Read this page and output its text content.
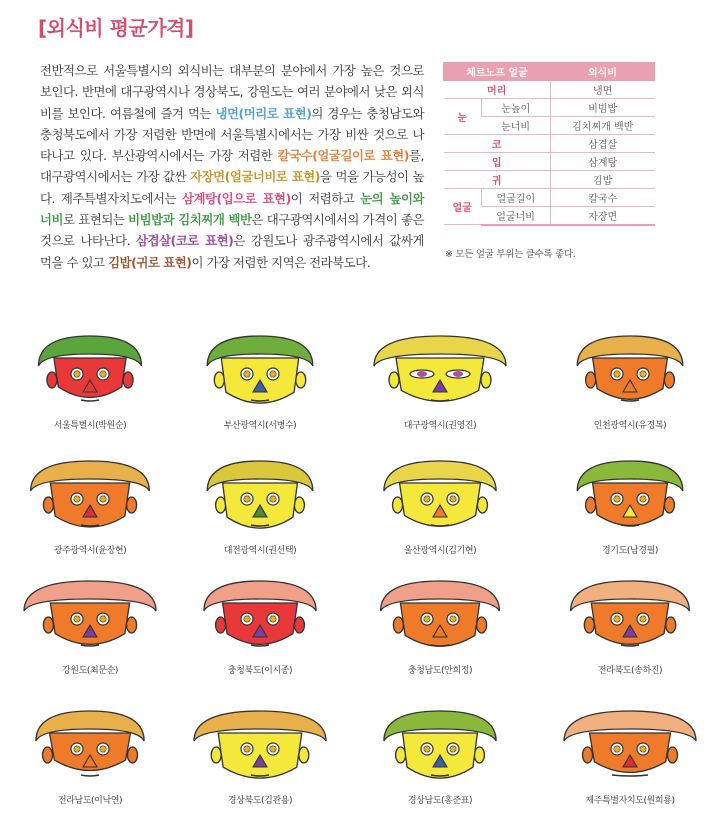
[외식비 평균가격]
전반적으로 서울특별시의 외식비는 대부분의 분야에서 가장 높은 것으로 보인다. 반면에 대구광역시나 경상북도, 강원도는 여러 분야에서 낮은 외식비를 보인다. 여름철에 즐겨 먹는 냉면(머리로 표현)의 경우는 충청남도와 충청북도에서 가장 저렴한 반면에 서울특별시에서는 가장 비싼 것으로 나타나고 있다. 부산광역시에서는 가장 저렴한 칼국수(얼굴길이로 표현)를, 대구광역시에서는 가장 값싼 자장면(얼굴너비로 표현)을 먹을 가능성이 높다. 제주특별자치도에서는 삼계탕(입으로 표현)이 저렴하고 눈의 높이와 너비로 표현되는 비빔밥과 김치찌개 백반은 대구광역시에서의 가격이 좋은 것으로 나타난다. 삼겹살(코로 표현)은 강원도나 광주광역시에서 값싸게 먹을 수 있고 김밥(귀로 표현)이 가장 저렴한 지역은 전라북도다.
체르노프 얼굴		외식비
머리		냉면
눈	눈높이	비빔밥
	눈너비	김치찌개 백반
코		삼겹살
입		삼계탕
귀		김밥
얼굴	얼굴길이	칼국수
	얼굴너비	자장면
※ 모든 얼굴 부위는 클수록 좋다.
서울특별시(박원순)	부산광역시(서병수)	대구광역시(권영진)	인천광역시(유정복)
광주광역시(윤장현)	대전광역시(권선택)	울산광역시(김기현)	경기도(남경필)
강원도(최문순)	충청북도(이시종)	충청남도(안희정)	전라북도(송하진)
전라남도(이낙연)	경상북도(김관용)	경상남도(홍준표)	제주특별자치도(원희룡)
